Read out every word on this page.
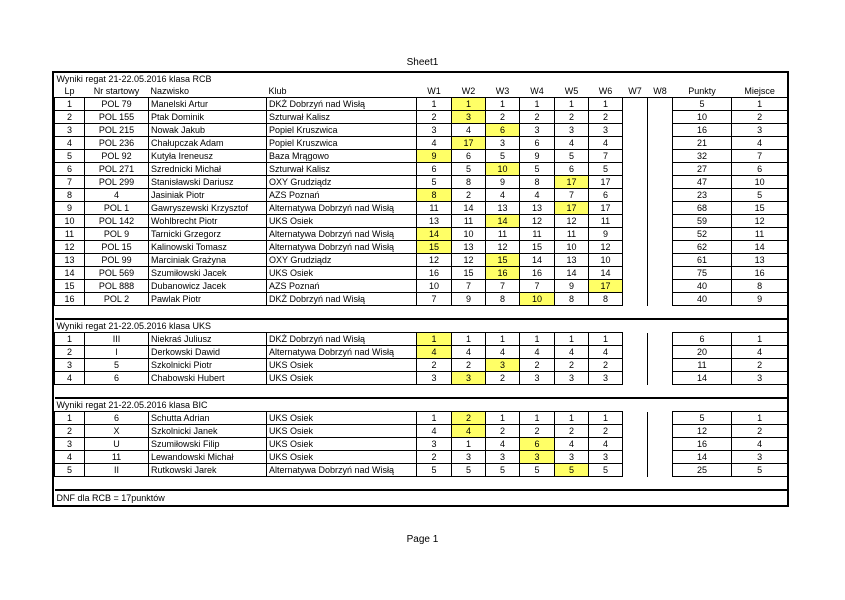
Sheet1
Wyniki regat 21-22.05.2016 klasa RCB													
Lp	Nr startowy	Nazwisko	Klub	W1	W2	W3	W4	W5	W6	W7	W8	Punkty	Miejsce
1	POL 79	Manelski Artur	DKŻ Dobrzyń nad Wisłą	1	1	1	1	1	1			5	1
2	POL 155	Ptak Dominik	Szturwał Kalisz	2	3	2	2	2	2			10	2
3	POL 215	Nowak Jakub	Popiel Kruszwica	3	4	6	3	3	3			16	3
4	POL 236	Chałupczak Adam	Popiel Kruszwica	4	17	3	6	4	4			21	4
5	POL 92	Kutyła Ireneusz	Baza Mrągowo	9	6	5	9	5	7			32	7
6	POL 271	Szrednicki Michał	Szturwał Kalisz	6	5	10	5	6	5			27	6
7	POL 299	Stanisławski Dariusz	OXY Grudziądz	5	8	9	8	17	17			47	10
8	4	Jasiniak Piotr	AZS Poznań	8	2	4	4	7	6			23	5
9	POL 1	Gawryszewski Krzysztof	Alternatywa Dobrzyń nad Wisłą	11	14	13	13	17	17			68	15
10	POL 142	Wohlbrecht Piotr	UKS Osiek	13	11	14	12	12	11			59	12
11	POL 9	Tarnicki Grzegorz	Alternatywa Dobrzyń nad Wisłą	14	10	11	11	11	9			52	11
12	POL 15	Kalinowski Tomasz	Alternatywa Dobrzyń nad Wisłą	15	13	12	15	10	12			62	14
13	POL 99	Marciniak Grażyna	OXY Grudziądz	12	12	15	14	13	10			61	13
14	POL 569	Szumiłowski Jacek	UKS Osiek	16	15	16	16	14	14			75	16
15	POL 888	Dubanowicz Jacek	AZS Poznań	10	7	7	7	9	17			40	8
16	POL 2	Pawlak Piotr	DKŻ Dobrzyń nad Wisłą	7	9	8	10	8	8			40	9

Wyniki regat 21-22.05.2016 klasa UKS													
1	III	Niekraś Juliusz	DKŻ Dobrzyń nad Wisłą	1	1	1	1	1	1			6	1
2	I	Derkowski Dawid	Alternatywa Dobrzyń nad Wisłą	4	4	4	4	4	4			20	4
3	5	Szkolnicki Piotr	UKS Osiek	2	2	3	2	2	2			11	2
4	6	Chabowski Hubert	UKS Osiek	3	3	2	3	3	3			14	3

Wyniki regat 21-22.05.2016 klasa BIC													
1	6	Schutta Adrian	UKS Osiek	1	2	1	1	1	1			5	1
2	X	Szkolnicki Janek	UKS Osiek	4	4	2	2	2	2			12	2
3	U	Szumiłowski Filip	UKS Osiek	3	1	4	6	4	4			16	4
4	11	Lewandowski Michał	UKS Osiek	2	3	3	3	3	3			14	3
5	II	Rutkowski Jarek	Alternatywa Dobrzyń nad Wisłą	5	5	5	5	5	5			25	5

DNF dla RCB = 17punktów													
Page 1
